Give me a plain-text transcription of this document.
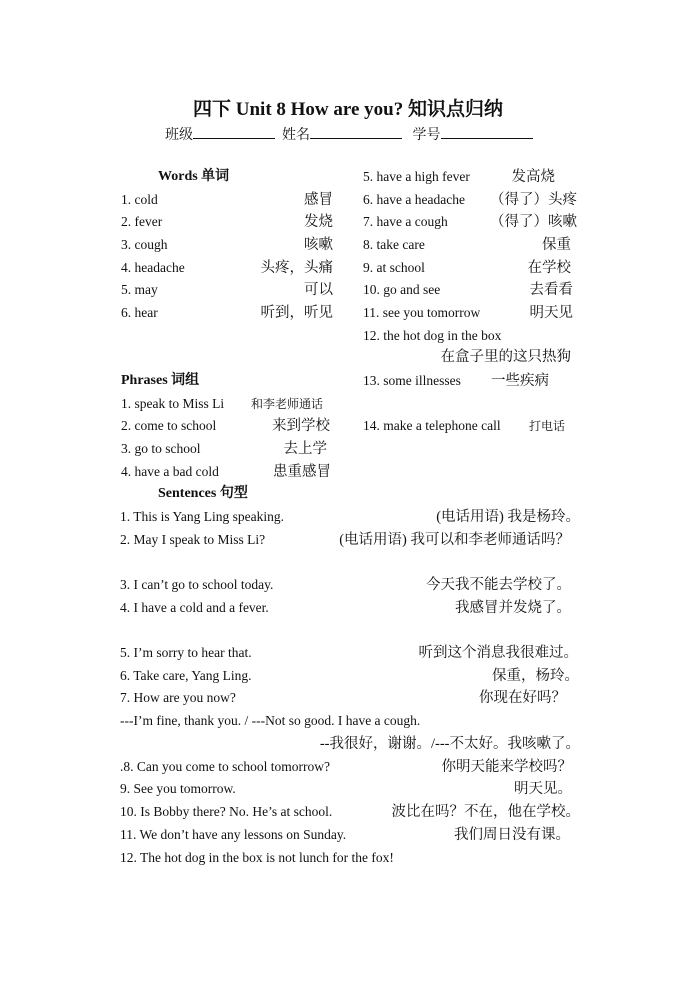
四下 Unit 8 How are you? 知识点归纳
班级	姓名	学号
Words 单词
1. cold	感冒
2. fever	发烧
3. cough	咳嗽
4. headache	头疼，头痛
5. may	可以
6. hear	听到，听见
5. have a high fever	发高烧
6. have a headache （得了）头疼
7. have a cough	（得了）咳嗽
8. take care	保重
9. at school	在学校
10. go and see	去看看
11. see you tomorrow	明天见
12. the hot dog in the box
在盒子里的这只热狗
13. some illnesses 一些疾病
14. make a telephone call 打电话
Phrases 词组
1. speak to Miss Li 和李老师通话
2. come to school	来到学校
3. go to school	去上学
4. have a bad cold	患重感冒
Sentences 句型
1. This is Yang Ling speaking.	(电话用语) 我是杨玲。
2. May I speak to Miss Li?	(电话用语) 我可以和李老师通话吗？
3. I can’t go to school today.	今天我不能去学校了。
4. I have a cold and a fever.	我感冒并发烧了。
5. I’m sorry to hear that.	听到这个消息我很难过。
6. Take care, Yang Ling.	保重，杨玲。
7. How are you now?	你现在好吗？
---I’m fine, thank you. / ---Not so good. I have a cough.
--我很好，谢谢。/---不太好。我咳嗽了。
.8. Can you come to school tomorrow?	你明天能来学校吗？
9. See you tomorrow.	明天见。
10. Is Bobby there? No. He’s at school.	波比在吗？不在，他在学校。
11. We don’t have any lessons on Sunday.	我们周日没有课。
12. The hot dog in the box is not lunch for the fox!
